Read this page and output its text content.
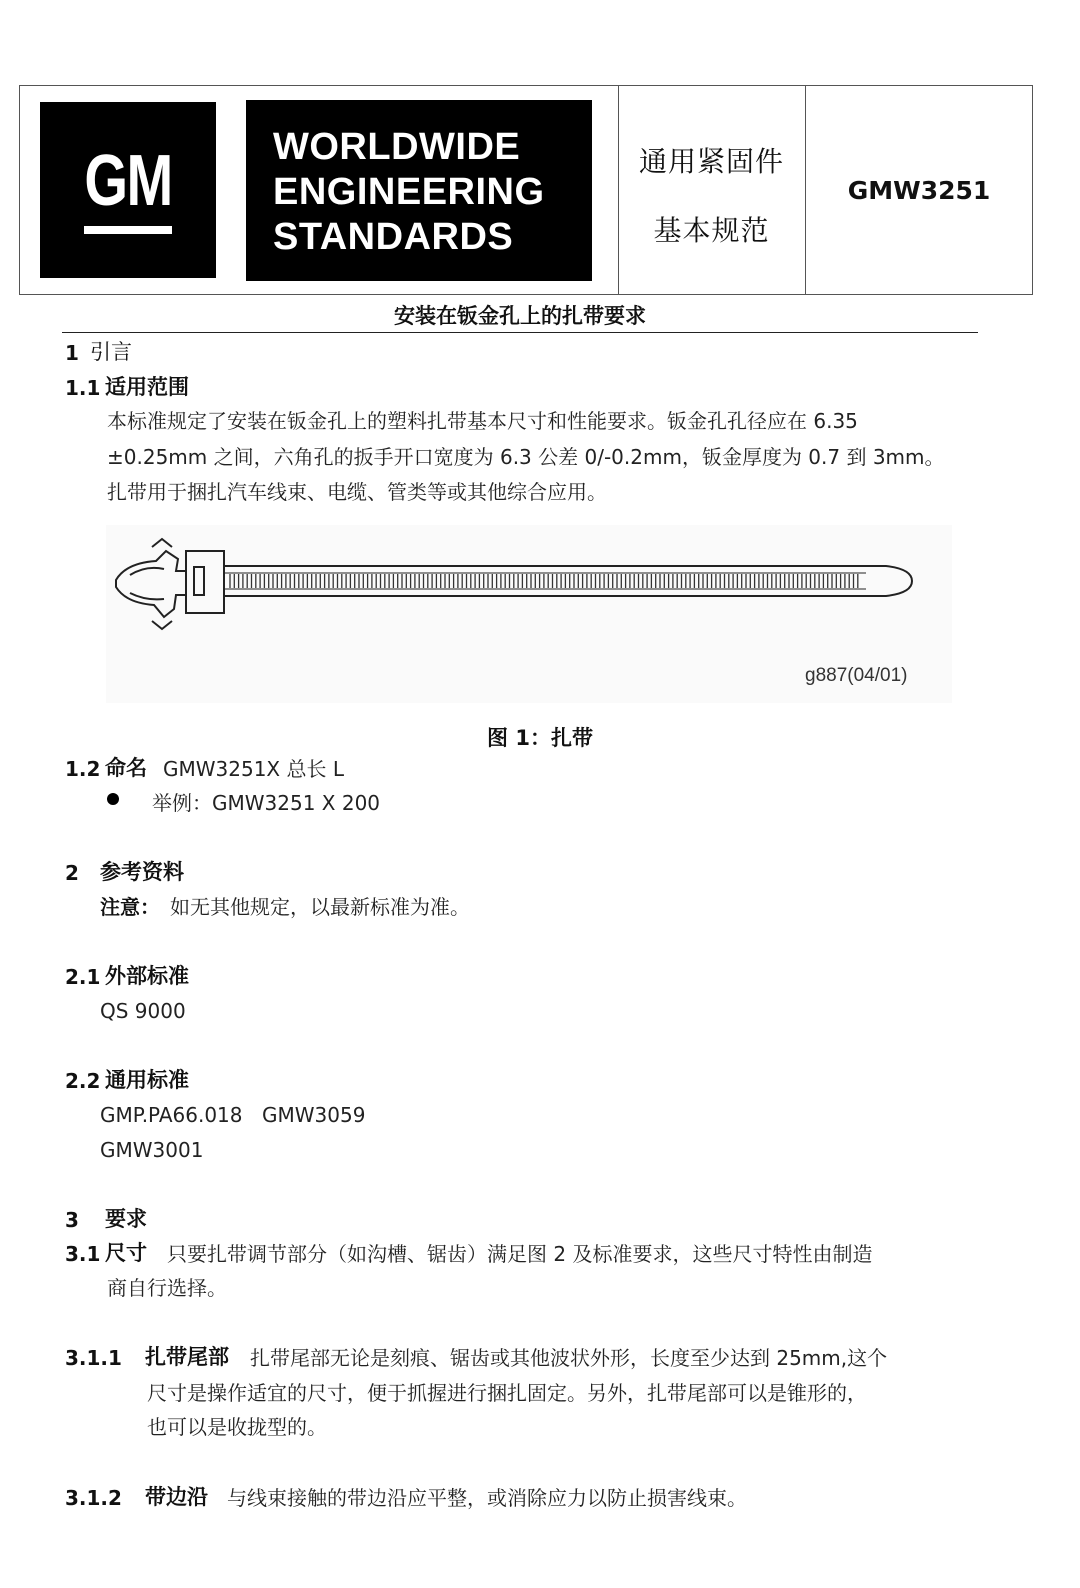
GM	WORLDWIDE
ENGINEERING
STANDARDS
通用紧固件
基本规范
GMW3251
安装在钣金孔上的扎带要求
1 引言
1.1 适用范围
本标准规定了安装在钣金孔上的塑料扎带基本尺寸和性能要求。钣金孔孔径应在 6.35
±0.25mm 之间，六角孔的扳手开口宽度为 6.3 公差 0/-0.2mm，钣金厚度为 0.7 到 3mm。
扎带用于捆扎汽车线束、电缆、管类等或其他综合应用。
g887(04/01)
图 1：扎带
1.2 命名 GMW3251X 总长 L
举例：GMW3251 X 200
2 参考资料
注意： 如无其他规定，以最新标准为准。
2.1 外部标准
QS 9000
2.2 通用标准
GMP.PA66.018 GMW3059
GMW3001
3 要求
3.1 尺寸 只要扎带调节部分（如沟槽、锯齿）满足图 2 及标准要求，这些尺寸特性由制造
商自行选择。
3.1.1 扎带尾部 扎带尾部无论是刻痕、锯齿或其他波状外形，长度至少达到 25mm,这个
尺寸是操作适宜的尺寸，便于抓握进行捆扎固定。另外，扎带尾部可以是锥形的，
也可以是收拢型的。
3.1.2 带边沿 与线束接触的带边沿应平整，或消除应力以防止损害线束。
